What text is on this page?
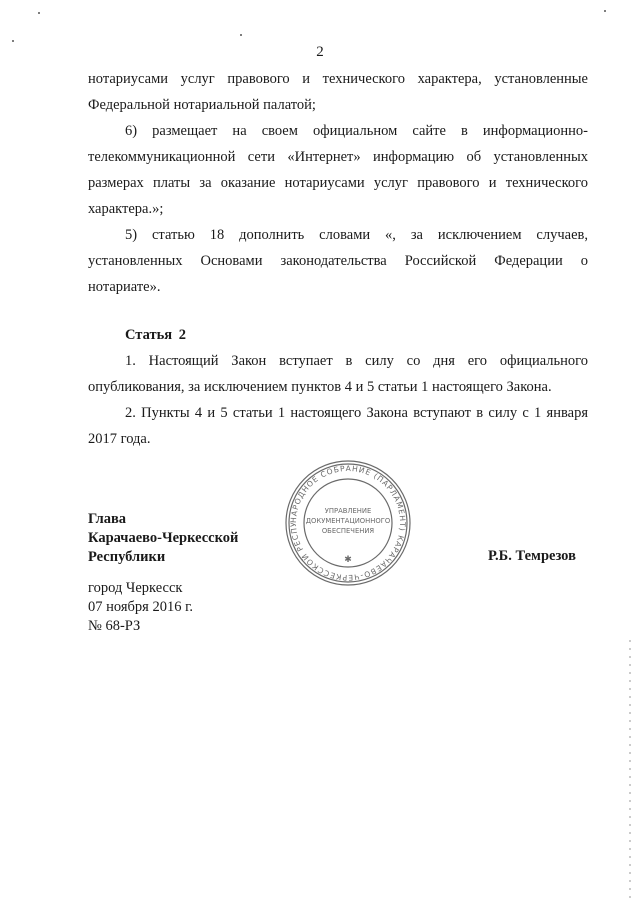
2

нотариусами услуг правового и технического характера, установленные Федеральной нотариальной палатой;

6) размещает на своем официальном сайте в информационно-телекоммуникационной сети «Интернет» информацию об установленных размерах платы за оказание нотариусами услуг правового и технического характера.»;

5) статью 18 дополнить словами «, за исключением случаев, установленных Основами законодательства Российской Федерации о нотариате».

Статья 2

1. Настоящий Закон вступает в силу со дня его официального опубликования, за исключением пунктов 4 и 5 статьи 1 настоящего Закона.

2. Пункты 4 и 5 статьи 1 настоящего Закона вступают в силу с 1 января 2017 года.

Глава
Карачаево-Черкесской
Республики	Р.Б. Темрезов
город Черкесск
07 ноября 2016 г.
№ 68-РЗ
НАРОДНОЕ СОБРАНИЕ (ПАРЛАМЕНТ) КАРАЧАЕВО-ЧЕРКЕССКОЙ РЕСПУ
УПРАВЛЕНИЕ
ДОКУМЕНТАЦИОННОГО
ОБЕСПЕЧЕНИЯ
✱
